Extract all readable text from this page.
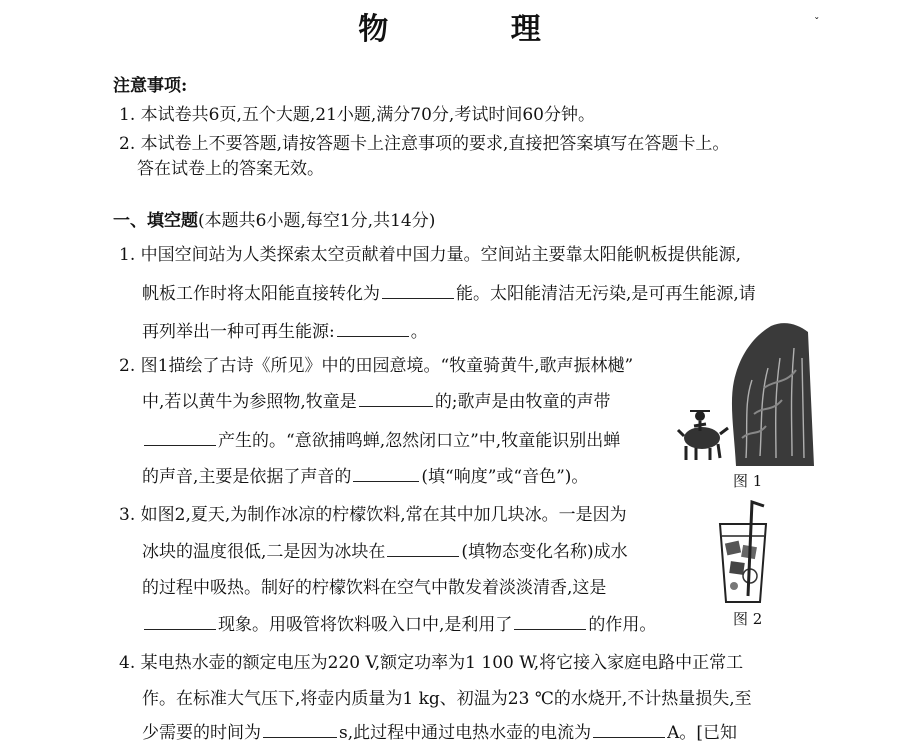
物 理	ˇ
注意事项:
1. 本试卷共6页,五个大题,21小题,满分70分,考试时间60分钟。
2. 本试卷上不要答题,请按答题卡上注意事项的要求,直接把答案填写在答题卡上。
答在试卷上的答案无效。
一、填空题(本题共6小题,每空1分,共14分)
1. 中国空间站为人类探索太空贡献着中国力量。空间站主要靠太阳能帆板提供能源,
帆板工作时将太阳能直接转化为	能。太阳能清洁无污染,是可再生能源,请
再列举出一种可再生能源:	。
2. 图1描绘了古诗《所见》中的田园意境。“牧童骑黄牛,歌声振林樾”
中,若以黄牛为参照物,牧童是	的;歌声是由牧童的声带
产生的。“意欲捕鸣蝉,忽然闭口立”中,牧童能识别出蝉
的声音,主要是依据了声音的	(填“响度”或“音色”)。	图 1
3. 如图2,夏天,为制作冰凉的柠檬饮料,常在其中加几块冰。一是因为
冰块的温度很低,二是因为冰块在	(填物态变化名称)成水
的过程中吸热。制好的柠檬饮料在空气中散发着淡淡清香,这是
现象。用吸管将饮料吸入口中,是利用了	的作用。	图 2
4. 某电热水壶的额定电压为220 V,额定功率为1 100 W,将它接入家庭电路中正常工
作。在标准大气压下,将壶内质量为1 kg、初温为23 ℃的水烧开,不计热量损失,至
少需要的时间为	s,此过程中通过电热水壶的电流为	A。[已知
